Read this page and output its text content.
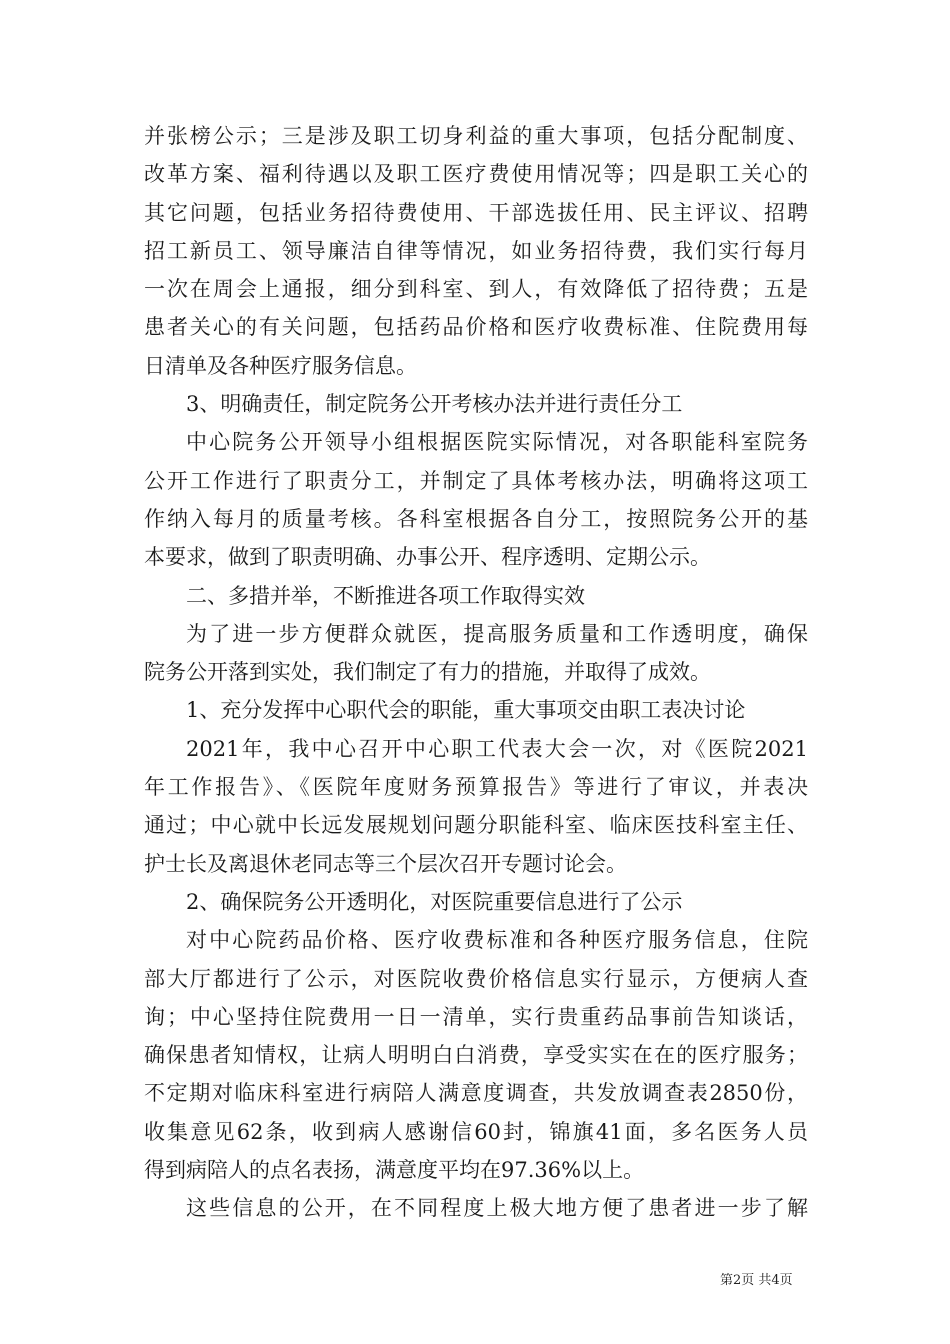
并张榜公示；三是涉及职工切身利益的重大事项，包括分配制度、
改革方案、福利待遇以及职工医疗费使用情况等；四是职工关心的
其它问题，包括业务招待费使用、干部选拔任用、民主评议、招聘
招工新员工、领导廉洁自律等情况，如业务招待费，我们实行每月
一次在周会上通报，细分到科室、到人，有效降低了招待费；五是
患者关心的有关问题，包括药品价格和医疗收费标准、住院费用每
日清单及各种医疗服务信息。
3、明确责任，制定院务公开考核办法并进行责任分工
中心院务公开领导小组根据医院实际情况，对各职能科室院务
公开工作进行了职责分工，并制定了具体考核办法，明确将这项工
作纳入每月的质量考核。各科室根据各自分工，按照院务公开的基
本要求，做到了职责明确、办事公开、程序透明、定期公示。
二、多措并举，不断推进各项工作取得实效
为了进一步方便群众就医，提高服务质量和工作透明度，确保
院务公开落到实处，我们制定了有力的措施，并取得了成效。
1、充分发挥中心职代会的职能，重大事项交由职工表决讨论
2021年，我中心召开中心职工代表大会一次，对《医院2021
年工作报告》、《医院年度财务预算报告》等进行了审议，并表决
通过；中心就中长远发展规划问题分职能科室、临床医技科室主任、
护士长及离退休老同志等三个层次召开专题讨论会。
2、确保院务公开透明化，对医院重要信息进行了公示
对中心院药品价格、医疗收费标准和各种医疗服务信息，住院
部大厅都进行了公示，对医院收费价格信息实行显示，方便病人查
询；中心坚持住院费用一日一清单，实行贵重药品事前告知谈话，
确保患者知情权，让病人明明白白消费，享受实实在在的医疗服务；
不定期对临床科室进行病陪人满意度调查，共发放调查表2850份，
收集意见62条，收到病人感谢信60封，锦旗41面，多名医务人员
得到病陪人的点名表扬，满意度平均在97.36%以上。
这些信息的公开，在不同程度上极大地方便了患者进一步了解
第2页 共4页
